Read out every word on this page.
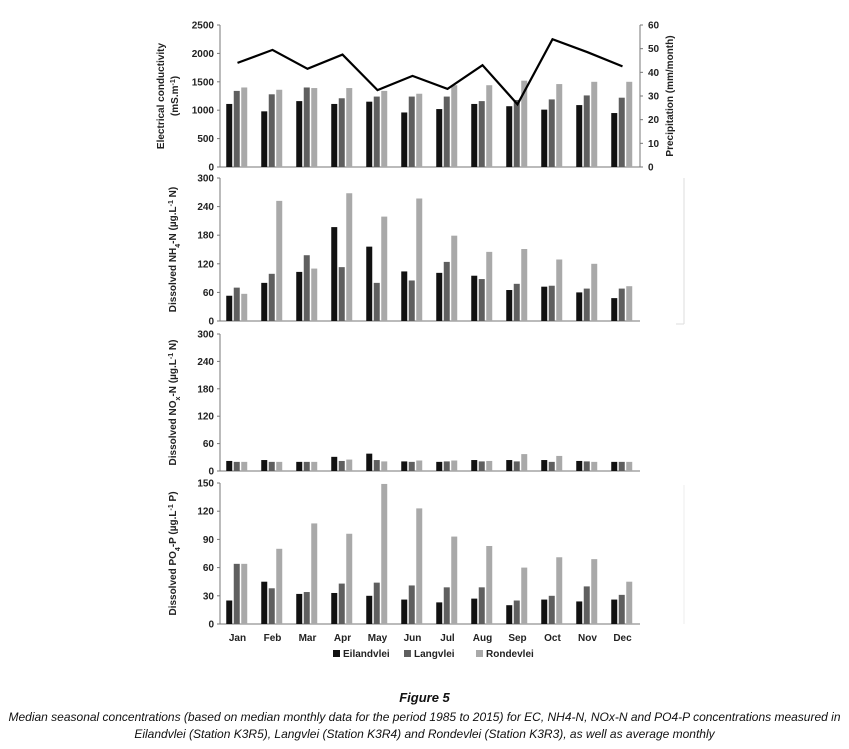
0
500
1000
1500
2000
2500
0
10
20
30
40
50
60
Precipitation (mm/month)
Electrical conductivity $(mS.m^{-1})$
0
60
120
180
240
300
0
60
120
180
240
300
0
30
60
90
120
150
Dissolved $NH_4-N$ ($\mu g.L^{-1}$ N)
Dissolved $NO_x-N$ ($\mu g.L^{-1}$ N)
Dissolved $PO_4-P$ ($\mu g.L^{-1}$ P)
Jan Feb Mar Apr May Jun Jul Aug Sep Oct Nov Dec
Eilandvlei Langvlei	Rondevlei
Figure 5
Median seasonal concentrations (based on median monthly data for the period 1985 to 2015) for EC, NH4-N, NOx-N and PO4-P concentrations measured in Eilandvlei (Station K3R5), Langvlei (Station K3R4) and Rondevlei (Station K3R3), as well as average monthly
